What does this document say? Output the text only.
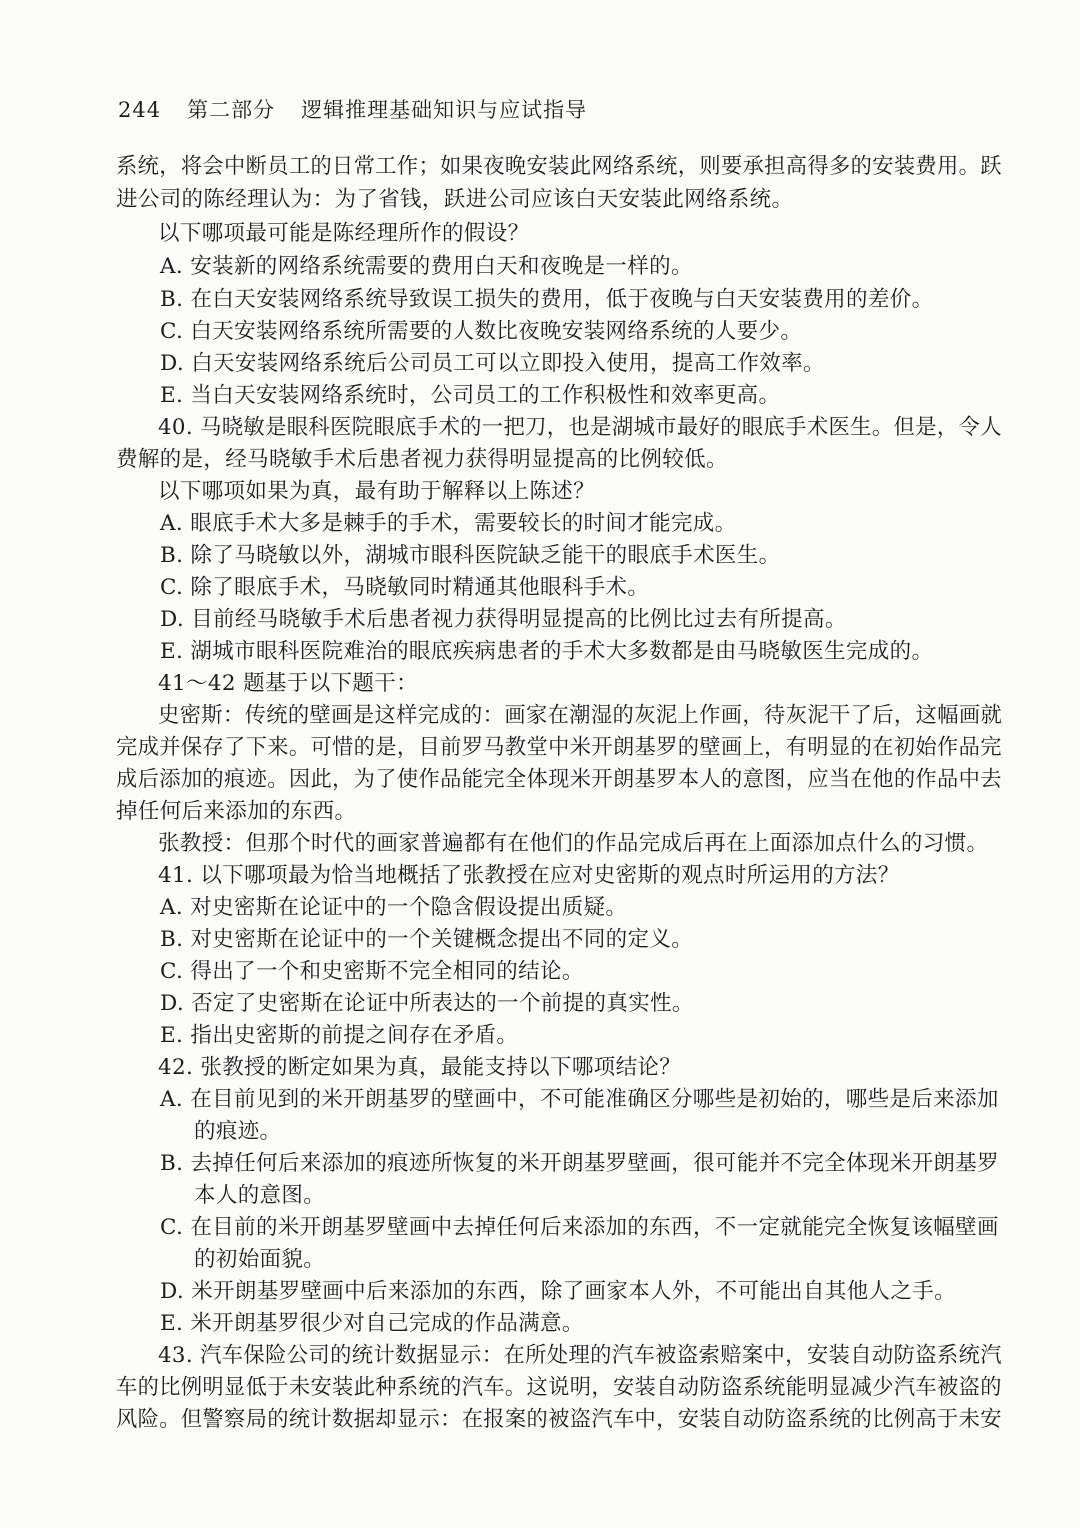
244 第二部分 逻辑推理基础知识与应试指导
系统，将会中断员工的日常工作；如果夜晚安装此网络系统，则要承担高得多的安装费用。跃
进公司的陈经理认为：为了省钱，跃进公司应该白天安装此网络系统。
以下哪项最可能是陈经理所作的假设？
A. 安装新的网络系统需要的费用白天和夜晚是一样的。
B. 在白天安装网络系统导致误工损失的费用，低于夜晚与白天安装费用的差价。
C. 白天安装网络系统所需要的人数比夜晚安装网络系统的人要少。
D. 白天安装网络系统后公司员工可以立即投入使用，提高工作效率。
E. 当白天安装网络系统时，公司员工的工作积极性和效率更高。
40. 马晓敏是眼科医院眼底手术的一把刀，也是湖城市最好的眼底手术医生。但是，令人
费解的是，经马晓敏手术后患者视力获得明显提高的比例较低。
以下哪项如果为真，最有助于解释以上陈述？
A. 眼底手术大多是棘手的手术，需要较长的时间才能完成。
B. 除了马晓敏以外，湖城市眼科医院缺乏能干的眼底手术医生。
C. 除了眼底手术，马晓敏同时精通其他眼科手术。
D. 目前经马晓敏手术后患者视力获得明显提高的比例比过去有所提高。
E. 湖城市眼科医院难治的眼底疾病患者的手术大多数都是由马晓敏医生完成的。
41～42 题基于以下题干：
史密斯：传统的壁画是这样完成的：画家在潮湿的灰泥上作画，待灰泥干了后，这幅画就
完成并保存了下来。可惜的是，目前罗马教堂中米开朗基罗的壁画上，有明显的在初始作品完
成后添加的痕迹。因此，为了使作品能完全体现米开朗基罗本人的意图，应当在他的作品中去
掉任何后来添加的东西。
张教授：但那个时代的画家普遍都有在他们的作品完成后再在上面添加点什么的习惯。
41. 以下哪项最为恰当地概括了张教授在应对史密斯的观点时所运用的方法？
A. 对史密斯在论证中的一个隐含假设提出质疑。
B. 对史密斯在论证中的一个关键概念提出不同的定义。
C. 得出了一个和史密斯不完全相同的结论。
D. 否定了史密斯在论证中所表达的一个前提的真实性。
E. 指出史密斯的前提之间存在矛盾。
42. 张教授的断定如果为真，最能支持以下哪项结论？
A. 在目前见到的米开朗基罗的壁画中，不可能准确区分哪些是初始的，哪些是后来添加
的痕迹。
B. 去掉任何后来添加的痕迹所恢复的米开朗基罗壁画，很可能并不完全体现米开朗基罗
本人的意图。
C. 在目前的米开朗基罗壁画中去掉任何后来添加的东西，不一定就能完全恢复该幅壁画
的初始面貌。
D. 米开朗基罗壁画中后来添加的东西，除了画家本人外，不可能出自其他人之手。
E. 米开朗基罗很少对自己完成的作品满意。
43. 汽车保险公司的统计数据显示：在所处理的汽车被盗索赔案中，安装自动防盗系统汽
车的比例明显低于未安装此种系统的汽车。这说明，安装自动防盗系统能明显减少汽车被盗的
风险。但警察局的统计数据却显示：在报案的被盗汽车中，安装自动防盗系统的比例高于未安
